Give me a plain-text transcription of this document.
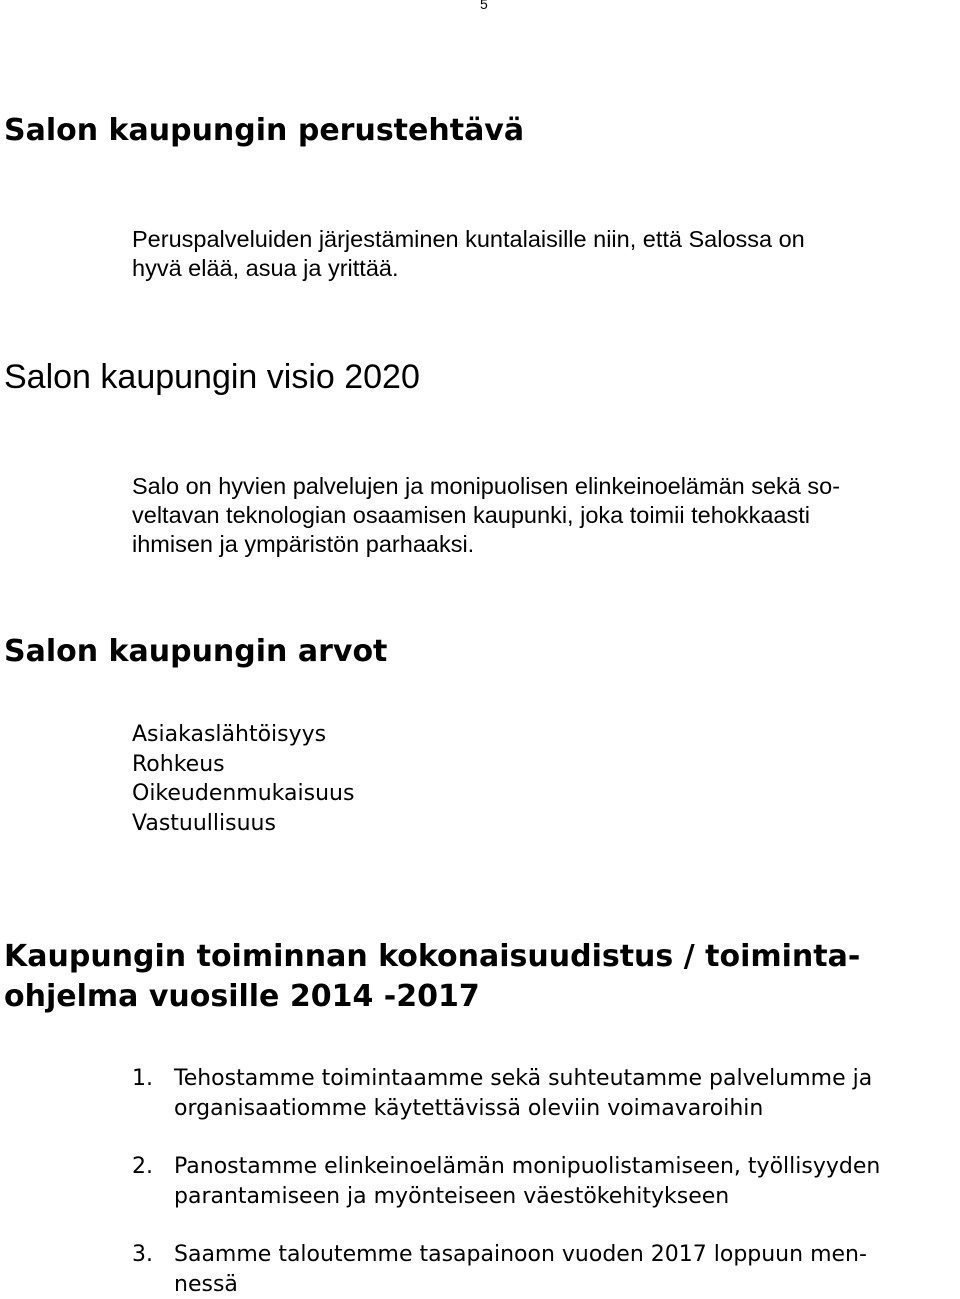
5
Salon kaupungin perustehtävä

Peruspalveluiden järjestäminen kuntalaisille niin, että Salossa on
hyvä elää, asua ja yrittää.

Salon kaupungin visio 2020

Salo on hyvien palvelujen ja monipuolisen elinkeinoelämän sekä so-
veltavan teknologian osaamisen kaupunki, joka toimii tehokkaasti
ihmisen ja ympäristön parhaaksi.

Salon kaupungin arvot
Asiakaslähtöisyys
Rohkeus
Oikeudenmukaisuus
Vastuullisuus
Kaupungin toiminnan kokonaisuudistus / toiminta-
ohjelma vuosille 2014 -2017
1. Tehostamme toimintaamme sekä suhteutamme palvelumme ja
organisaatiomme käytettävissä oleviin voimavaroihin
2. Panostamme elinkeinoelämän monipuolistamiseen, työllisyyden
parantamiseen ja myönteiseen väestökehitykseen
3. Saamme taloutemme tasapainoon vuoden 2017 loppuun men-
nessä
